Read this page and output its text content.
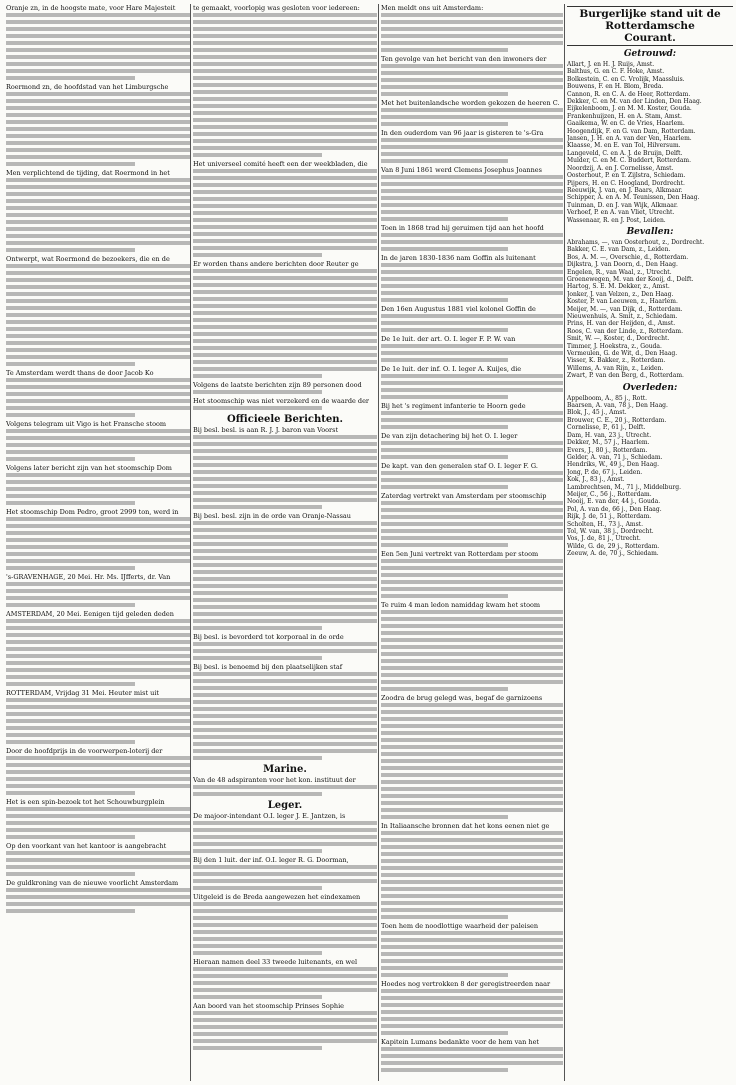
Oranje zn, in de hoogste mate, voor Hare Majesteit
Roermond zn, de hoofdstad van het Limburgsche
Men verplichtend de tijding, dat Roermond in het
Ontwerpt, wat Roermond de bezoekers, die en de
Te Amsterdam werdt thans de door Jacob Ko
Volgens telegram uit Vigo is het Fransche stoom
Volgens later bericht zijn van het stoomschip Dom
Het stoomschip Dom Pedro, groot 2999 ton, werd in
's-GRAVENHAGE, 20 Mei. Hr. Ms. IJfferts, dr. Van
AMSTERDAM, 20 Mei. Eenigen tijd geleden deden
ROTTERDAM, Vrijdag 31 Mei. Heuter mist uit
Door de hoofdprijs in de voorwerpen-loterij der
Het is een spin-bezoek tot het Schouwburgplein
Op den voorkant van het kantoor is aangebracht
De guldkroning van de nieuwe voorlicht Amsterdam
te gemaakt, voorlopig was gesloten voor iedereen:
Het universeel comité heeft een der weekbladen, die
Er worden thans andere berichten door Reuter ge
Volgens de laatste berichten zijn 89 personen dood
Het stoomschip was niet verzekerd en de waarde der
Officieele Berichten.
Bij besl. besl. is aan R. J. J. baron van Voorst
Bij besl. besl. zijn in de orde van Oranje-Nassau
Bij besl. is bevorderd tot korporaal in de orde
Bij besl. is benoemd bij den plaatselijken staf
Marine.
Van de 48 adspiranten voor het kon. instituut der
Leger.
De majoor-intendant O.I. leger J. E. Jantzen, is
Bij den 1 luit. der inf. O.I. leger R. G. Doorman,
Uitgeleid is de Breda aangewezen het eindexamen
Hieraan namen deel 33 tweede luitenants, en wel
Aan boord van het stoomschip Prinses Sophie
Men meldt ons uit Amsterdam:
Ten gevolge van het bericht van den inwoners der
Met het buitenlandsche worden gekozen de heeren C.
In den ouderdom van 96 jaar is gisteren te 's-Gra
Van 8 Juni 1861 werd Clemens Josephus Joannes
Toen in 1868 trad hij geruimen tijd aan het hoofd
In de jaren 1830-1836 nam Goffin als luitenant
Den 16en Augustus 1881 viel kolonel Goffin de
De 1e luit. der art. O. I. leger F. P. W. van
De 1e luit. der inf. O. I. leger A. Kuijes, die
Bij het 's regiment infanterie te Hoorn gede
De van zijn detachering bij het O. I. leger
De kapt. van den generalen staf O. I. leger F. G.
Zaterdag vertrekt van Amsterdam per stoomschip
Een 5en Juni vertrekt van Rotterdam per stoom
Te ruim 4 man ledon namiddag kwam het stoom
Zoodra de brug gelegd was, begaf de garnizoens
In Italiaansche bronnen dat het kons eenen niet ge
Toen hem de noodlottige waarheid der paleisen
Hoedes nog vertrokken 8 der geregistreerden naar
Kapitein Lumans bedankte voor de hem van het
Burgerlijke stand uit de Rotterdamsche
Courant.
Getrouwd:
Allart, J. en H. J. Ruijs, Amst.
Balthus, G. en C. F. Hoke, Amst.
Bolkestein, C. en C. Vrolijk, Maassluis.
Bouwens, F. en H. Blom, Breda.
Cannon, R. en C. A. de Heer, Rotterdam.
Dekker, C. en M. van der Linden, Den Haag.
Eijkelenboom, J. en M. M. Koster, Gouda.
Frankenhuijzen, H. en A. Stam, Amst.
Gaaikema, W. en C. de Vries, Haarlem.
Hoogendijk, F. en G. van Dam, Rotterdam.
Jansen, J. H. en A. van der Ven, Haarlem.
Klaasse, M. en E. van Tol, Hilversum.
Langeveld, C. en A. J. de Bruijn, Delft.
Mulder, C. en M. C. Buddert, Rotterdam.
Noordzij, A. en J. Cornelisse, Amst.
Oosterhout, P. en T. Zijlstra, Schiedam.
Pijpers, H. en C. Hoogland, Dordrecht.
Reeuwijk, J. van, en J. Baars, Alkmaar.
Schipper, A. en A. M. Teunissen, Den Haag.
Tuinman, D. en J. van Wijk, Alkmaar.
Verhoef, P. en A. van Vliet, Utrecht.
Wassenaar, R. en J. Post, Leiden.
Bevallen:
Abrahams, —, van Oosterhout, z., Dordrecht.
Bakker, C. E. van Dam, z., Leiden.
Bos, A. M. —, Overschie, d., Rotterdam.
Dijkstra, J. van Doorn, d., Den Haag.
Engelen, R., van Waal, z., Utrecht.
Groenewegen, M. van der Kooij, d., Delft.
Hartog, S. E. M. Dekker, z., Amst.
Jonker, J. van Velzen, z., Den Haag.
Koster, P. van Leeuwen, z., Haarlem.
Meijer, M. —, van Dijk, d., Rotterdam.
Nieuwenhuis, A. Smit, z., Schiedam.
Prins, H. van der Heijden, d., Amst.
Roos, C. van der Linde, z., Rotterdam.
Smit, W. —, Koster, d., Dordrecht.
Timmer, J. Hoekstra, z., Gouda.
Vermeulen, G. de Wit, d., Den Haag.
Visser, K. Bakker, z., Rotterdam.
Willems, A. van Rijn, z., Leiden.
Zwart, P. van den Berg, d., Rotterdam.
Overleden:
Appelboom, A., 85 j., Rott.
Baarsen, A. van, 78 j., Den Haag.
Blok, J., 45 j., Amst.
Brouwer, C. E., 20 j., Rotterdam.
Cornelisse, P., 61 j., Delft.
Dam, H. van, 23 j., Utrecht.
Dekker, M., 57 j., Haarlem.
Evers, J., 80 j., Rotterdam.
Gelder, A. van, 71 j., Schiedam.
Hendriks, W., 49 j., Den Haag.
Jong, P. de, 67 j., Leiden.
Kok, J., 83 j., Amst.
Lambrechtsen, M., 71 j., Middelburg.
Meijer, C., 56 j., Rotterdam.
Nooij, E. van der, 44 j., Gouda.
Pol, A. van de, 66 j., Den Haag.
Rijk, J. de, 51 j., Rotterdam.
Scholten, H., 73 j., Amst.
Tol, W. van, 38 j., Dordrecht.
Vos, J. de, 81 j., Utrecht.
Wilde, G. de, 29 j., Rotterdam.
Zeeuw, A. de, 70 j., Schiedam.
